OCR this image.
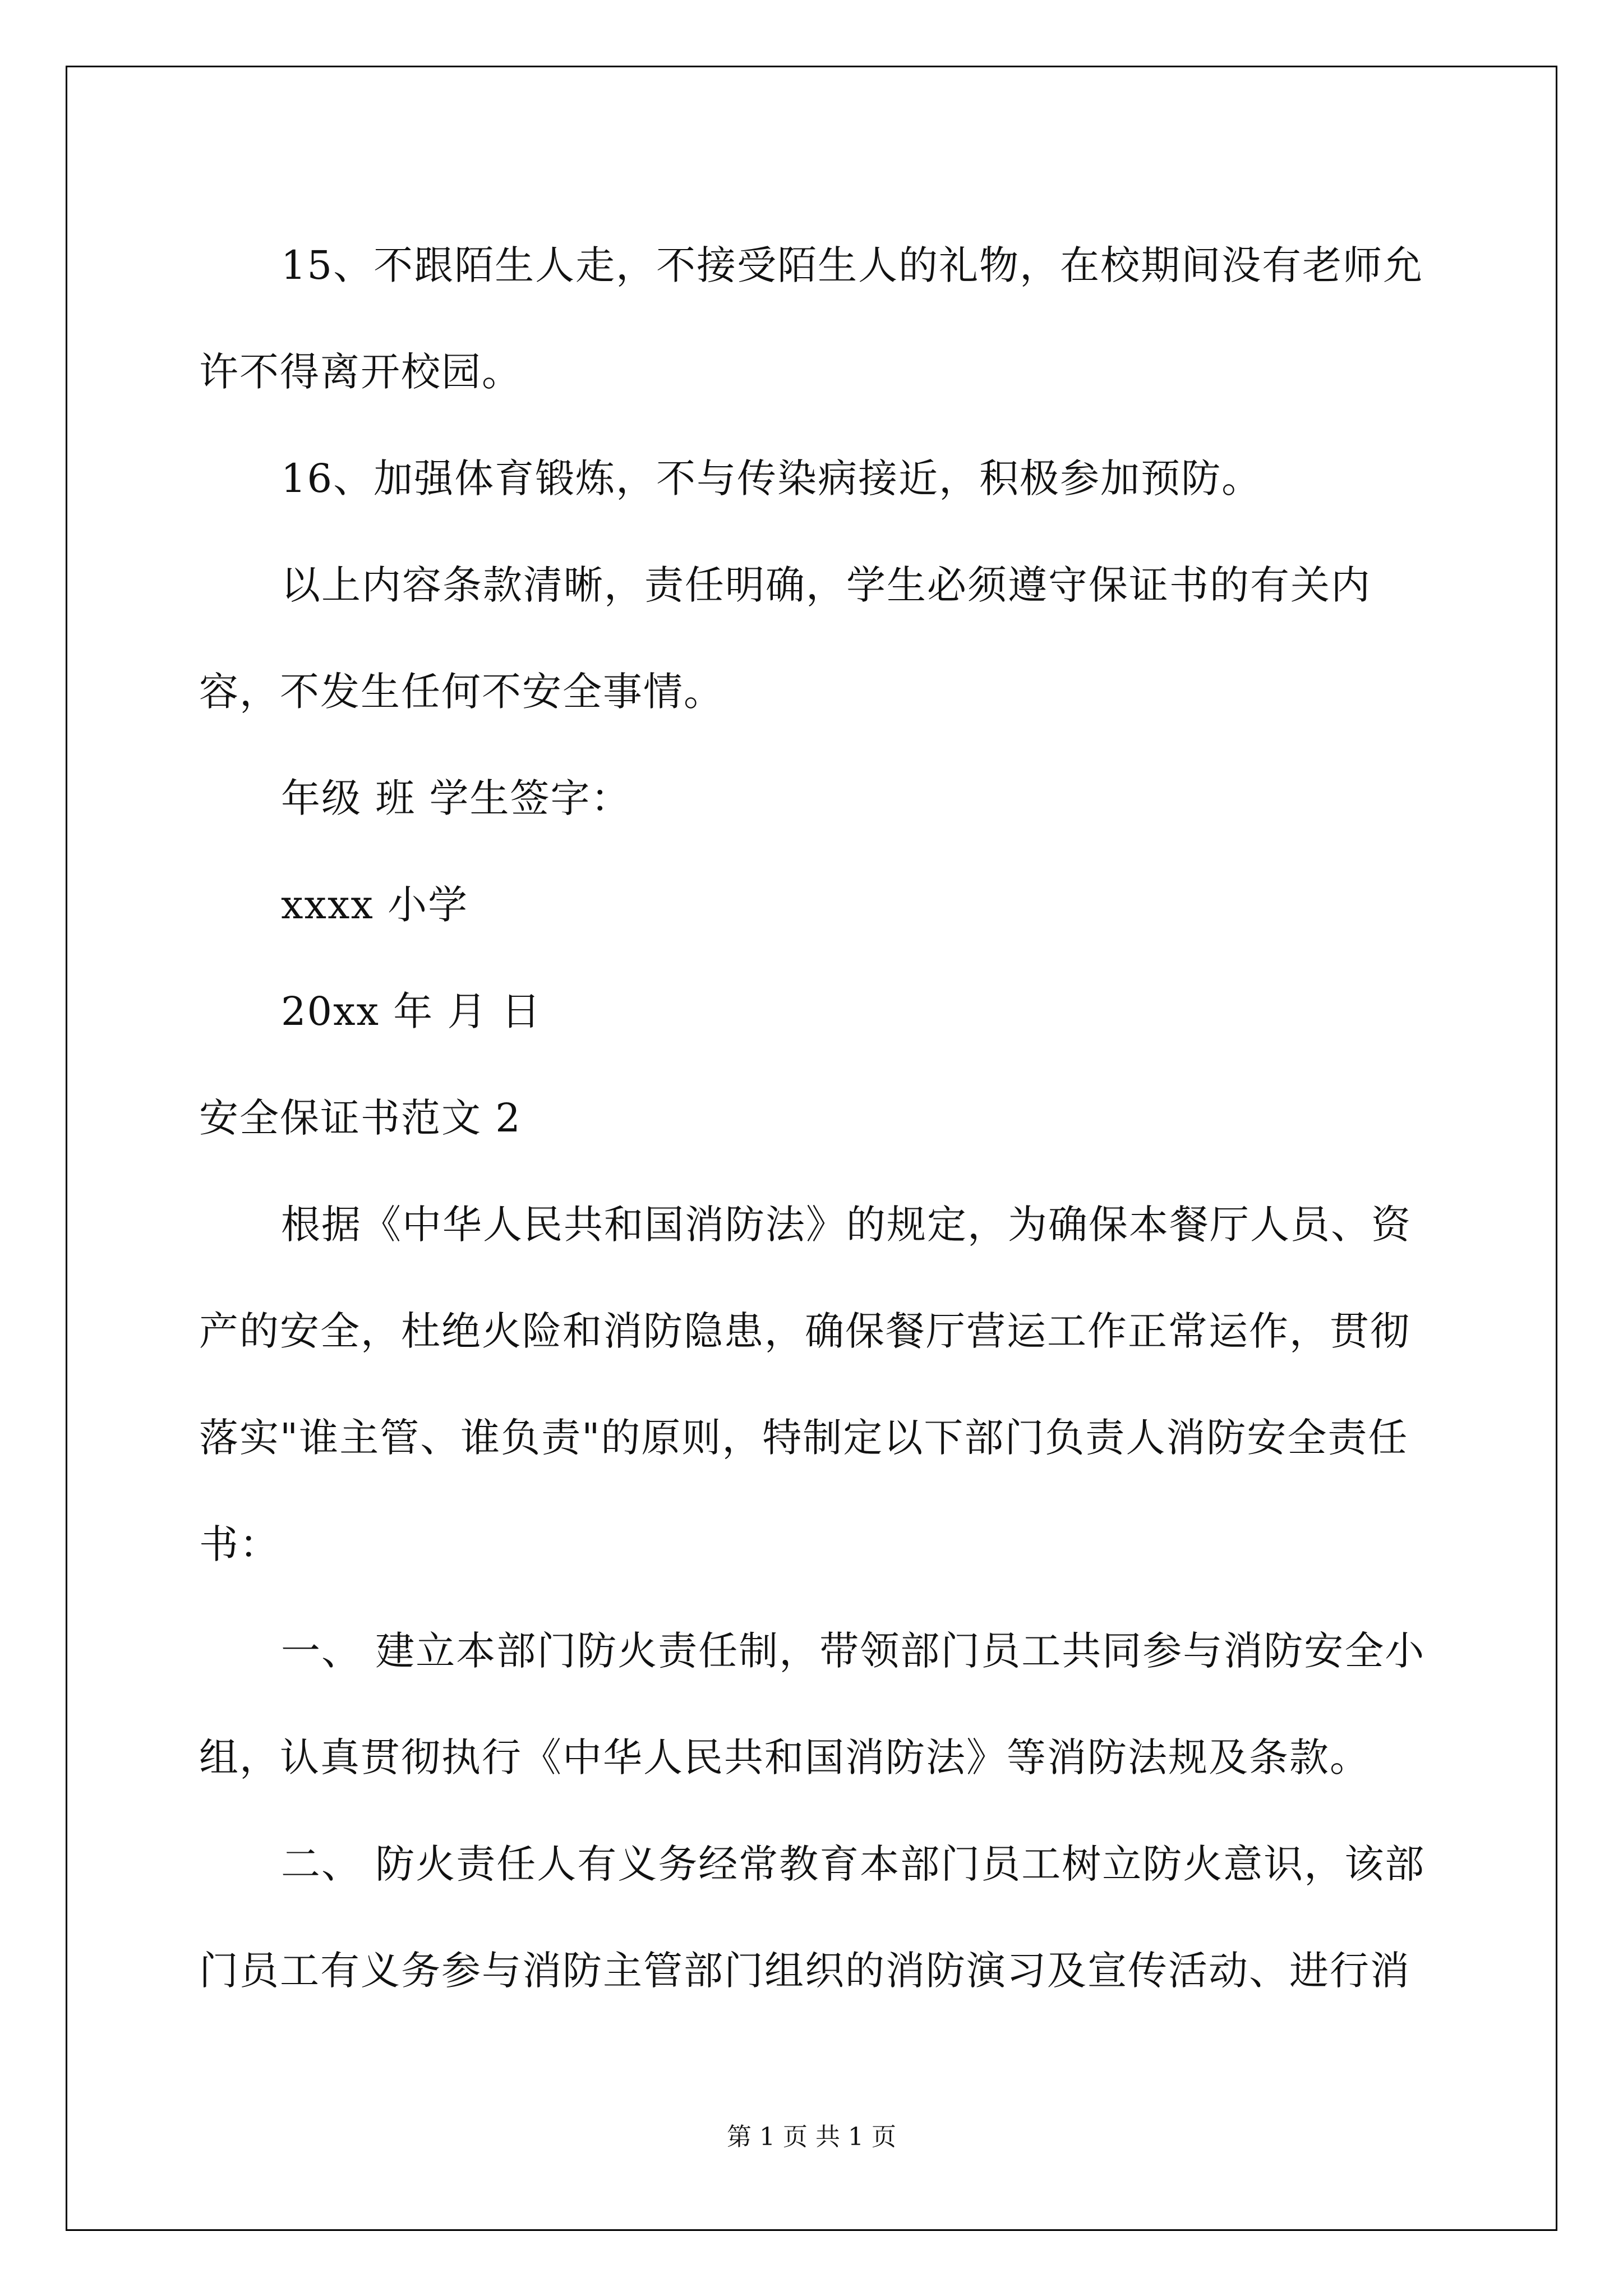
15、不跟陌生人走，不接受陌生人的礼物，在校期间没有老师允许不得离开校园。

16、加强体育锻炼，不与传染病接近，积极参加预防。

以上内容条款清晰，责任明确，学生必须遵守保证书的有关内容，不发生任何不安全事情。

年级 班 学生签字：

xxxx 小学

20xx 年 月 日

安全保证书范文 2

根据《中华人民共和国消防法》的规定，为确保本餐厅人员、资产的安全，杜绝火险和消防隐患，确保餐厅营运工作正常运作，贯彻落实"谁主管、谁负责"的原则，特制定以下部门负责人消防安全责任书：

一、 建立本部门防火责任制，带领部门员工共同参与消防安全小组，认真贯彻执行《中华人民共和国消防法》等消防法规及条款。

二、 防火责任人有义务经常教育本部门员工树立防火意识，该部门员工有义务参与消防主管部门组织的消防演习及宣传活动、进行消

第 1 页 共 1 页
